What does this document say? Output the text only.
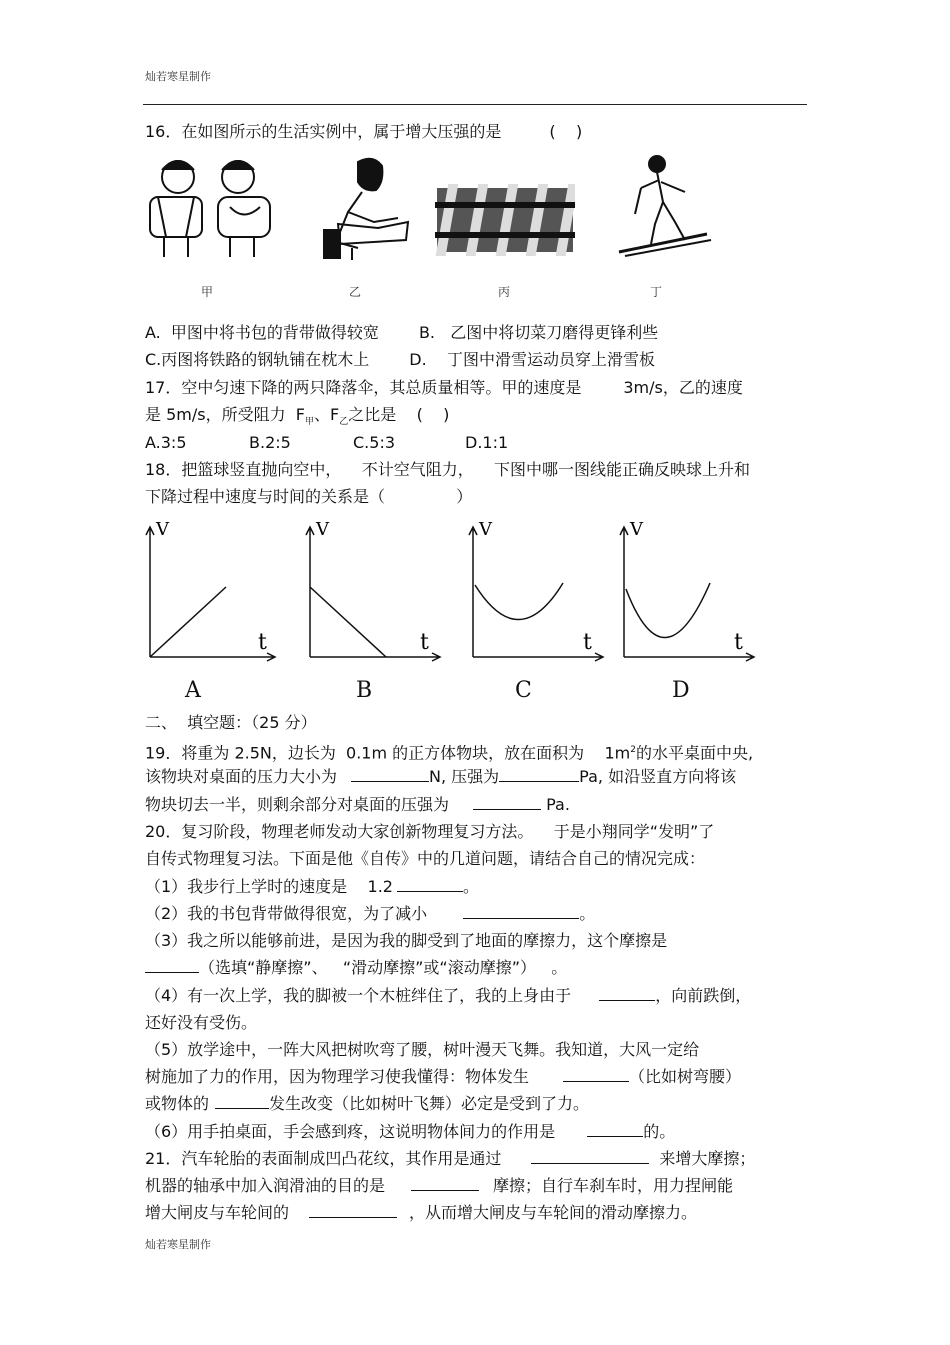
灿若寒星制作
16．在如图所示的生活实例中，属于增大压强的是	(    )
甲	乙	丙	丁
A.  甲图中将书包的背带做得较宽	B.   乙图中将切菜刀磨得更锋利些
C.丙图将铁路的钢轨铺在枕木上	D.    丁图中滑雪运动员穿上滑雪板
17．空中匀速下降的两只降落伞，其总质量相等。甲的速度是	3m/s，乙的速度
是 5m/s，所受阻力  $F_甲$、$F_乙$之比是    (    )
A.3:5	B.2:5	C.5:3	D.1:1
18．把篮球竖直抛向空中，    不计空气阻力，    下图中哪一图线能正确反映球上升和
下降过程中速度与时间的关系是（              ）
V
t
A
V
t
B
V
t
C
V
t
D
二、  填空题：（25 分）
19．将重为 2.5N，边长为  0.1m 的正方体物块，放在面积为    $1m^2$的水平桌面中央,
该物块对桌面的压力大小为	N, 压强为	Pa, 如沿竖直方向将该
物块切去一半，则剩余部分对桌面的压强为	Pa.
20．复习阶段，物理老师发动大家创新物理复习方法。    于是小翔同学“发明”了
自传式物理复习法。下面是他《自传》中的几道问题，请结合自己的情况完成：
（1）我步行上学时的速度是    1.2	。
（2）我的书包背带做得很宽，为了减小	。
（3）我之所以能够前进，是因为我的脚受到了地面的摩擦力，这个摩擦是
（选填“静摩擦”、   “滑动摩擦”或“滚动摩擦”）   。
（4）有一次上学，我的脚被一个木桩绊住了，我的上身由于	，向前跌倒，
还好没有受伤。
（5）放学途中，一阵大风把树吹弯了腰，树叶漫天飞舞。我知道，大风一定给
树施加了力的作用，因为物理学习使我懂得：物体发生	（比如树弯腰）
或物体的	发生改变（比如树叶飞舞）必定是受到了力。
（6）用手拍桌面，手会感到疼，这说明物体间力的作用是	的。
21．汽车轮胎的表面制成凹凸花纹，其作用是通过	来增大摩擦；
机器的轴承中加入润滑油的目的是	摩擦；自行车刹车时，用力捏闸能
增大闸皮与车轮间的	，从而增大闸皮与车轮间的滑动摩擦力。
灿若寒星制作
